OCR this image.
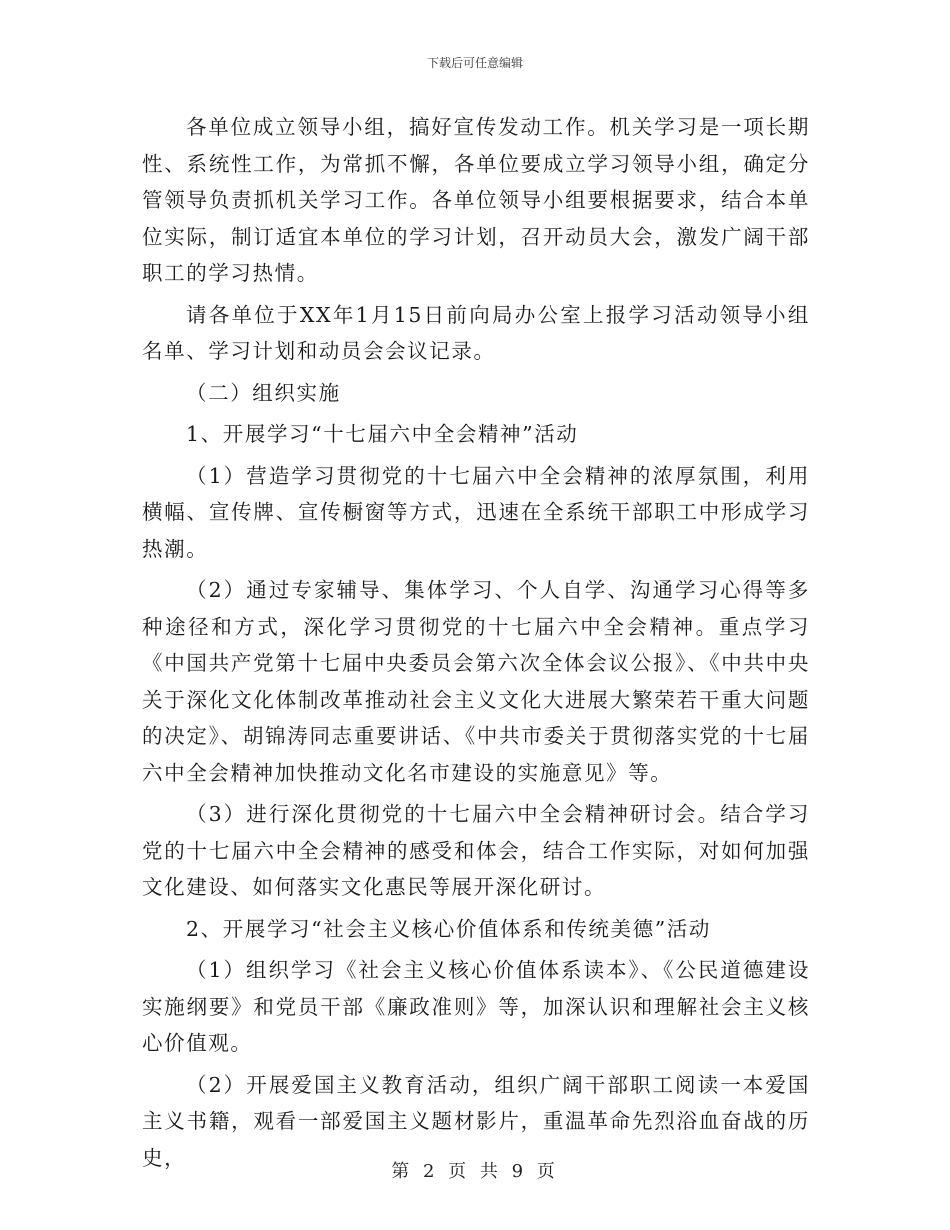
下载后可任意编辑

各单位成立领导小组，搞好宣传发动工作。机关学习是一项长期性、系统性工作，为常抓不懈，各单位要成立学习领导小组，确定分管领导负责抓机关学习工作。各单位领导小组要根据要求，结合本单位实际，制订适宜本单位的学习计划，召开动员大会，激发广阔干部职工的学习热情。

请各单位于XX年1月15日前向局办公室上报学习活动领导小组名单、学习计划和动员会会议记录。

（二）组织实施

1、开展学习“十七届六中全会精神”活动

（1）营造学习贯彻党的十七届六中全会精神的浓厚氛围，利用横幅、宣传牌、宣传橱窗等方式，迅速在全系统干部职工中形成学习热潮。

（2）通过专家辅导、集体学习、个人自学、沟通学习心得等多种途径和方式，深化学习贯彻党的十七届六中全会精神。重点学习《中国共产党第十七届中央委员会第六次全体会议公报》、《中共中央关于深化文化体制改革推动社会主义文化大进展大繁荣若干重大问题的决定》、胡锦涛同志重要讲话、《中共市委关于贯彻落实党的十七届六中全会精神加快推动文化名市建设的实施意见》等。

（3）进行深化贯彻党的十七届六中全会精神研讨会。结合学习党的十七届六中全会精神的感受和体会，结合工作实际，对如何加强文化建设、如何落实文化惠民等展开深化研讨。

2、开展学习“社会主义核心价值体系和传统美德”活动

（1）组织学习《社会主义核心价值体系读本》、《公民道德建设实施纲要》和党员干部《廉政准则》等，加深认识和理解社会主义核心价值观。

（2）开展爱国主义教育活动，组织广阔干部职工阅读一本爱国主义书籍，观看一部爱国主义题材影片，重温革命先烈浴血奋战的历史，

第 2 页 共 9 页
